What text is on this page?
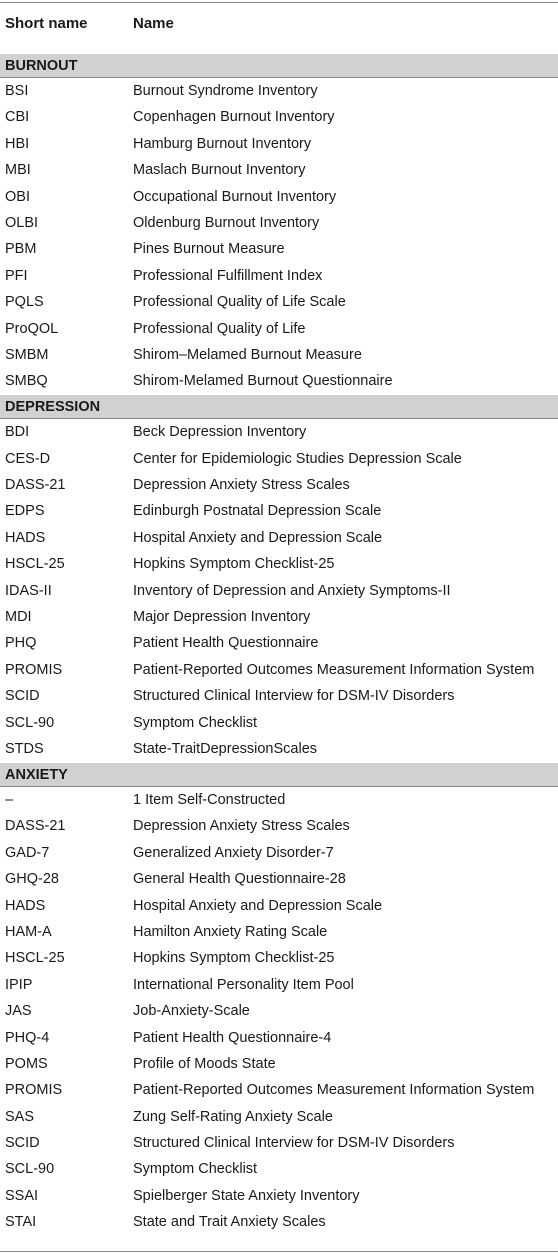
Short name	Name
BURNOUT
BSI	Burnout Syndrome Inventory
CBI	Copenhagen Burnout Inventory
HBI	Hamburg Burnout Inventory
MBI	Maslach Burnout Inventory
OBI	Occupational Burnout Inventory
OLBI	Oldenburg Burnout Inventory
PBM	Pines Burnout Measure
PFI	Professional Fulfillment Index
PQLS	Professional Quality of Life Scale
ProQOL	Professional Quality of Life
SMBM	Shirom–Melamed Burnout Measure
SMBQ	Shirom-Melamed Burnout Questionnaire
DEPRESSION
BDI	Beck Depression Inventory
CES-D	Center for Epidemiologic Studies Depression Scale
DASS-21	Depression Anxiety Stress Scales
EDPS	Edinburgh Postnatal Depression Scale
HADS	Hospital Anxiety and Depression Scale
HSCL-25	Hopkins Symptom Checklist-25
IDAS-II	Inventory of Depression and Anxiety Symptoms-II
MDI	Major Depression Inventory
PHQ	Patient Health Questionnaire
PROMIS	Patient-Reported Outcomes Measurement Information System
SCID	Structured Clinical Interview for DSM-IV Disorders
SCL-90	Symptom Checklist
STDS	State-TraitDepressionScales
ANXIETY
–	1 Item Self-Constructed
DASS-21	Depression Anxiety Stress Scales
GAD-7	Generalized Anxiety Disorder-7
GHQ-28	General Health Questionnaire-28
HADS	Hospital Anxiety and Depression Scale
HAM-A	Hamilton Anxiety Rating Scale
HSCL-25	Hopkins Symptom Checklist-25
IPIP	International Personality Item Pool
JAS	Job-Anxiety-Scale
PHQ-4	Patient Health Questionnaire-4
POMS	Profile of Moods State
PROMIS	Patient-Reported Outcomes Measurement Information System
SAS	Zung Self-Rating Anxiety Scale
SCID	Structured Clinical Interview for DSM-IV Disorders
SCL-90	Symptom Checklist
SSAI	Spielberger State Anxiety Inventory
STAI	State and Trait Anxiety Scales
